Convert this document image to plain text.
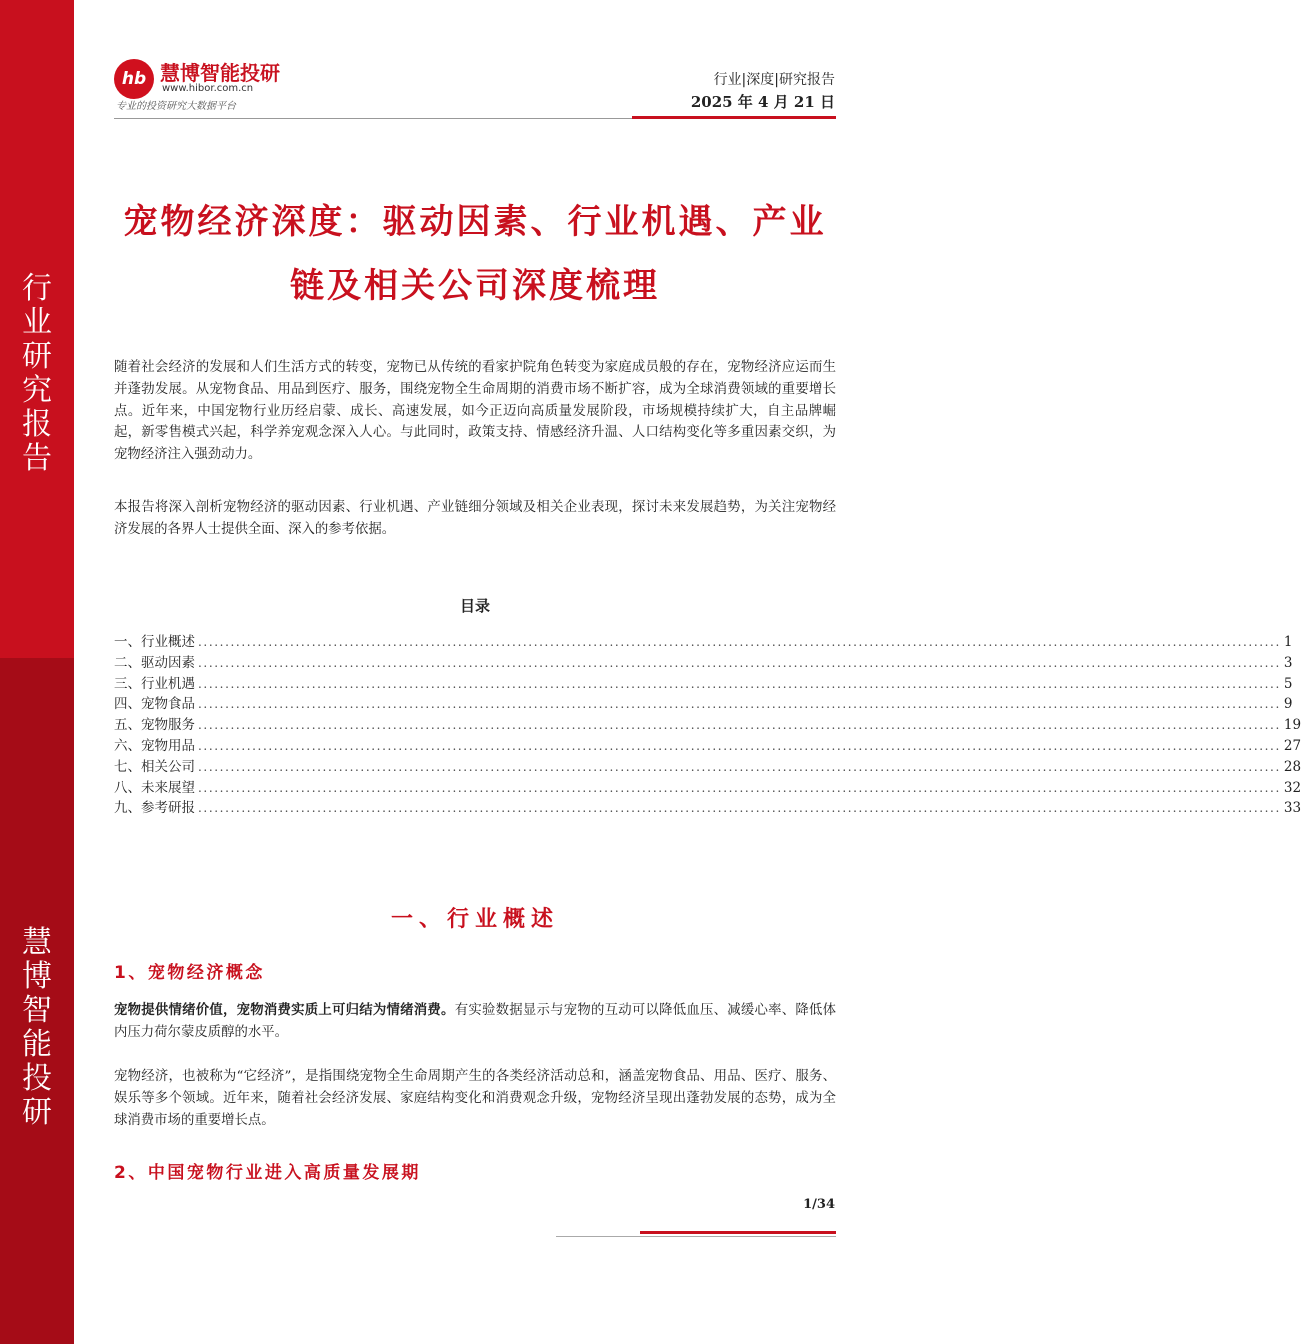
行
业
研
究
报
告
慧
博
智
能
投
研
hb 慧博智能投研
www.hibor.com.cn
专业的投资研究大数据平台
行业|深度|研究报告
2025 年 4 月 21 日
宠物经济深度：驱动因素、行业机遇、产业
链及相关公司深度梳理
随着社会经济的发展和人们生活方式的转变，宠物已从传统的看家护院角色转变为家庭成员般的存在，宠物经济应运而生并蓬勃发展。从宠物食品、用品到医疗、服务，围绕宠物全生命周期的消费市场不断扩容，成为全球消费领域的重要增长点。近年来，中国宠物行业历经启蒙、成长、高速发展，如今正迈向高质量发展阶段，市场规模持续扩大，自主品牌崛起，新零售模式兴起，科学养宠观念深入人心。与此同时，政策支持、情感经济升温、人口结构变化等多重因素交织，为宠物经济注入强劲动力。
本报告将深入剖析宠物经济的驱动因素、行业机遇、产业链细分领域及相关企业表现，探讨未来发展趋势，为关注宠物经济发展的各界人士提供全面、深入的参考依据。
目录
一、行业概述 ........................................................................................................................................................................................................ 1
二、驱动因素 ........................................................................................................................................................................................................ 3
三、行业机遇 ........................................................................................................................................................................................................ 5
四、宠物食品 ........................................................................................................................................................................................................ 9
五、宠物服务 ........................................................................................................................................................................................................ 19
六、宠物用品 ........................................................................................................................................................................................................ 27
七、相关公司 ........................................................................................................................................................................................................ 28
八、未来展望 ........................................................................................................................................................................................................ 32
九、参考研报 ........................................................................................................................................................................................................ 33
一、行业概述
1、宠物经济概念
宠物提供情绪价值，宠物消费实质上可归结为情绪消费。有实验数据显示与宠物的互动可以降低血压、减缓心率、降低体内压力荷尔蒙皮质醇的水平。
宠物经济，也被称为“它经济”，是指围绕宠物全生命周期产生的各类经济活动总和，涵盖宠物食品、用品、医疗、服务、娱乐等多个领域。近年来，随着社会经济发展、家庭结构变化和消费观念升级，宠物经济呈现出蓬勃发展的态势，成为全球消费市场的重要增长点。
2、中国宠物行业进入高质量发展期
1/34
